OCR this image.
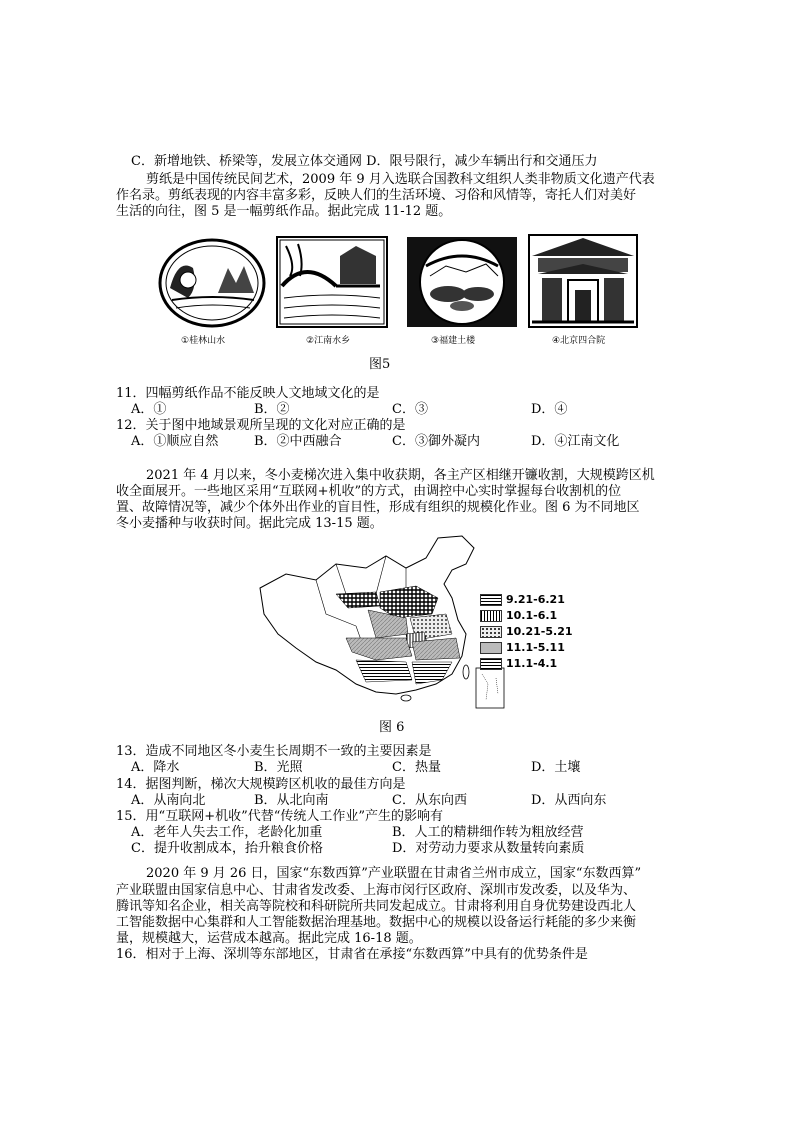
C．新增地铁、桥梁等，发展立体交通网 D．限号限行，减少车辆出行和交通压力
剪纸是中国传统民间艺术，2009 年 9 月入选联合国教科文组织人类非物质文化遗产代表
作名录。剪纸表现的内容丰富多彩，反映人们的生活环境、习俗和风情等，寄托人们对美好
生活的向往，图 5 是一幅剪纸作品。据此完成 11-12 题。
①桂林山水	②江南水乡	③福建土楼	④北京四合院
图5
11．四幅剪纸作品不能反映人文地域文化的是
A．①	B．②	C．③	D．④
12．关于图中地域景观所呈现的文化对应正确的是
A．①顺应自然	B．②中西融合	C．③御外凝内	D．④江南文化
2021 年 4 月以来，冬小麦梯次进入集中收获期，各主产区相继开镰收割，大规模跨区机
收全面展开。一些地区采用“互联网+机收”的方式，由调控中心实时掌握每台收割机的位
置、故障情况等，减少个体外出作业的盲目性，形成有组织的规模化作业。图 6 为不同地区
冬小麦播种与收获时间。据此完成 13-15 题。
9.21-6.21
10.1-6.1
10.21-5.21
11.1-5.11
11.1-4.1
图 6
13．造成不同地区冬小麦生长周期不一致的主要因素是
A．降水	B．光照	C．热量	D．土壤
14．据图判断，梯次大规模跨区机收的最佳方向是
A．从南向北	B．从北向南	C．从东向西	D．从西向东
15．用“互联网+机收”代替“传统人工作业”产生的影响有
A．老年人失去工作，老龄化加重	B．人工的精耕细作转为粗放经营
C．提升收割成本，抬升粮食价格	D．对劳动力要求从数量转向素质
2020 年 9 月 26 日，国家“东数西算”产业联盟在甘肃省兰州市成立，国家“东数西算”
产业联盟由国家信息中心、甘肃省发改委、上海市闵行区政府、深圳市发改委，以及华为、
腾讯等知名企业，相关高等院校和科研院所共同发起成立。甘肃将利用自身优势建设西北人
工智能数据中心集群和人工智能数据治理基地。数据中心的规模以设备运行耗能的多少来衡
量，规模越大，运营成本越高。据此完成 16-18 题。
16．相对于上海、深圳等东部地区，甘肃省在承接“东数西算”中具有的优势条件是
